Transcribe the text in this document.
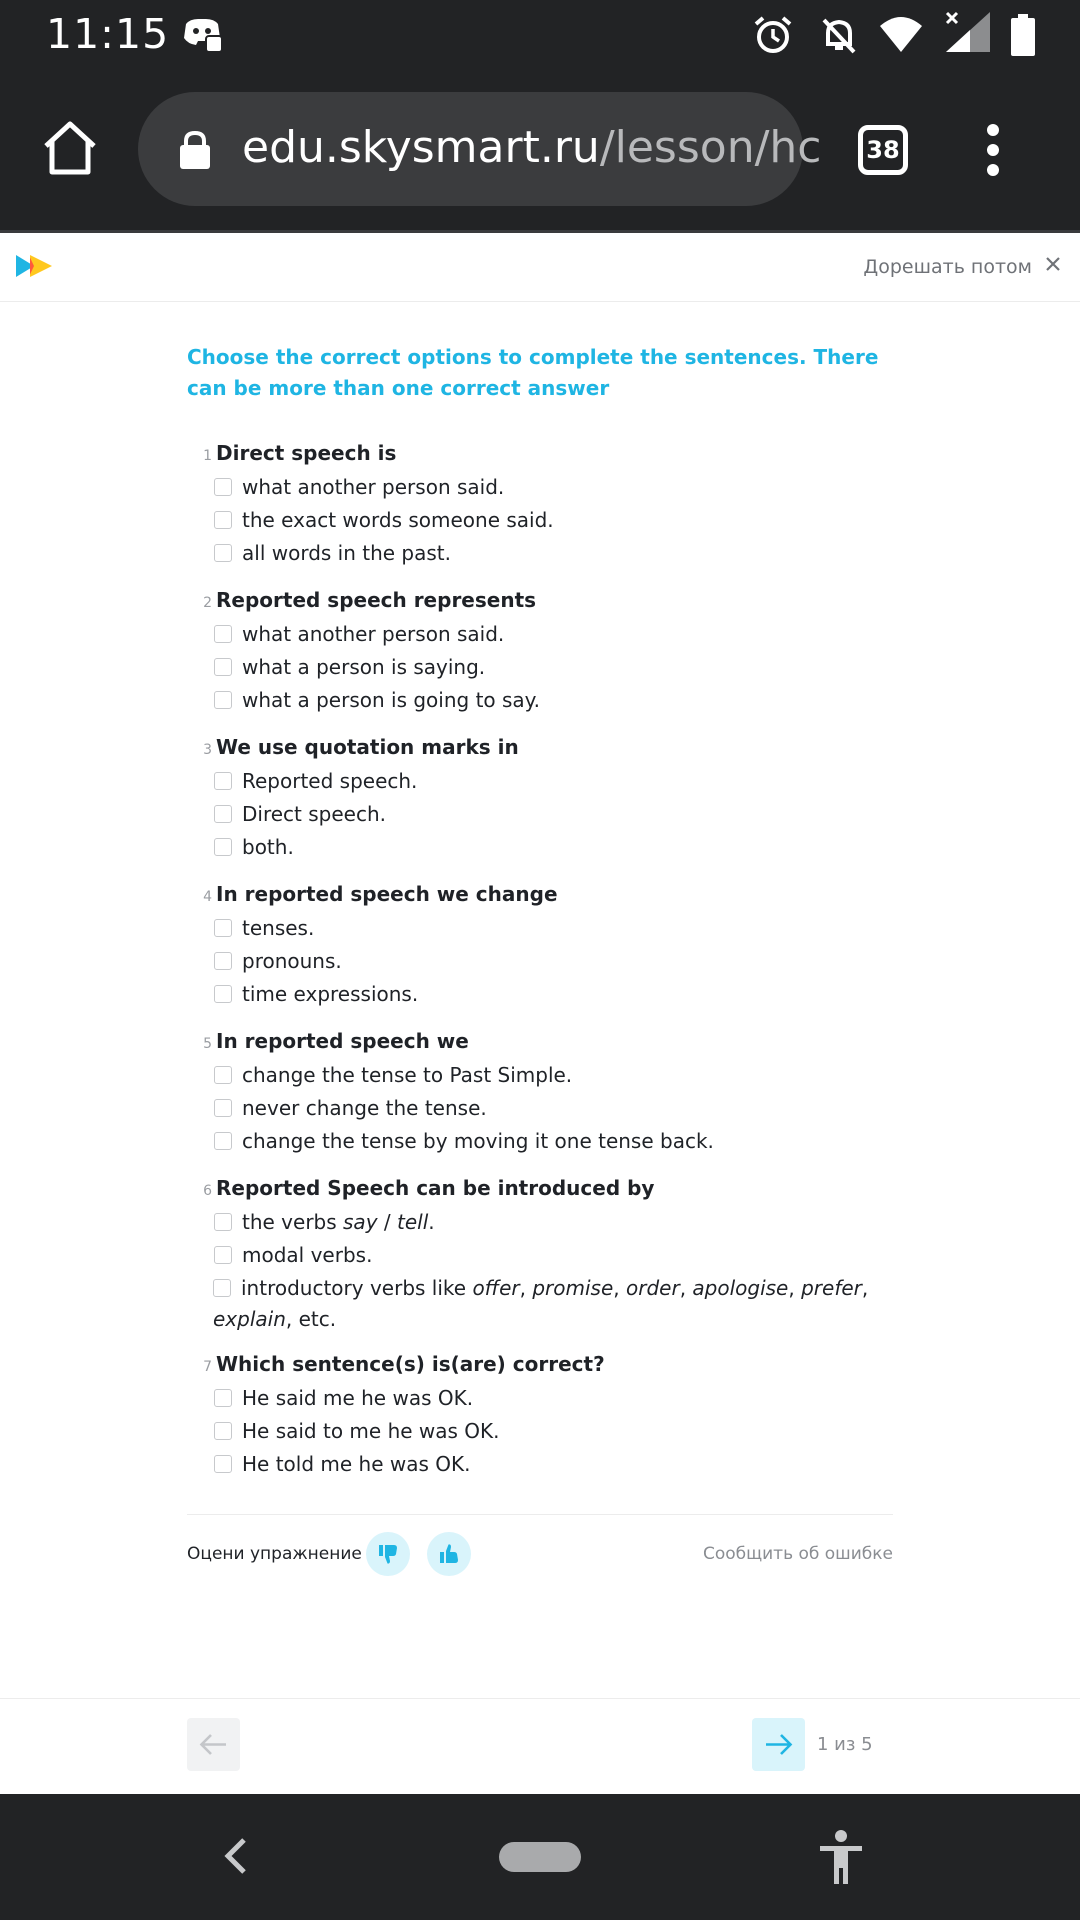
11:15
edu.skysmart.ru/lesson/hc	38
Дорешать потом

Choose the correct options to complete the sentences. There can be more than one correct answer

1 Direct speech is
what another person said.
the exact words someone said.
all words in the past.
2 Reported speech represents
what another person said.
what a person is saying.
what a person is going to say.
3 We use quotation marks in
Reported speech.
Direct speech.
both.
4 In reported speech we change
tenses.
pronouns.
time expressions.
5 In reported speech we
change the tense to Past Simple.
never change the tense.
change the tense by moving it one tense back.
6 Reported Speech can be introduced by
the verbs say / tell.
modal verbs.
introductory verbs like offer, promise, order, apologise, prefer,
explain, etc.
7 Which sentence(s) is(are) correct?
He said me he was OK.
He said to me he was OK.
He told me he was OK.
Оцени упражнение	Сообщить об ошибке
1 из 5
